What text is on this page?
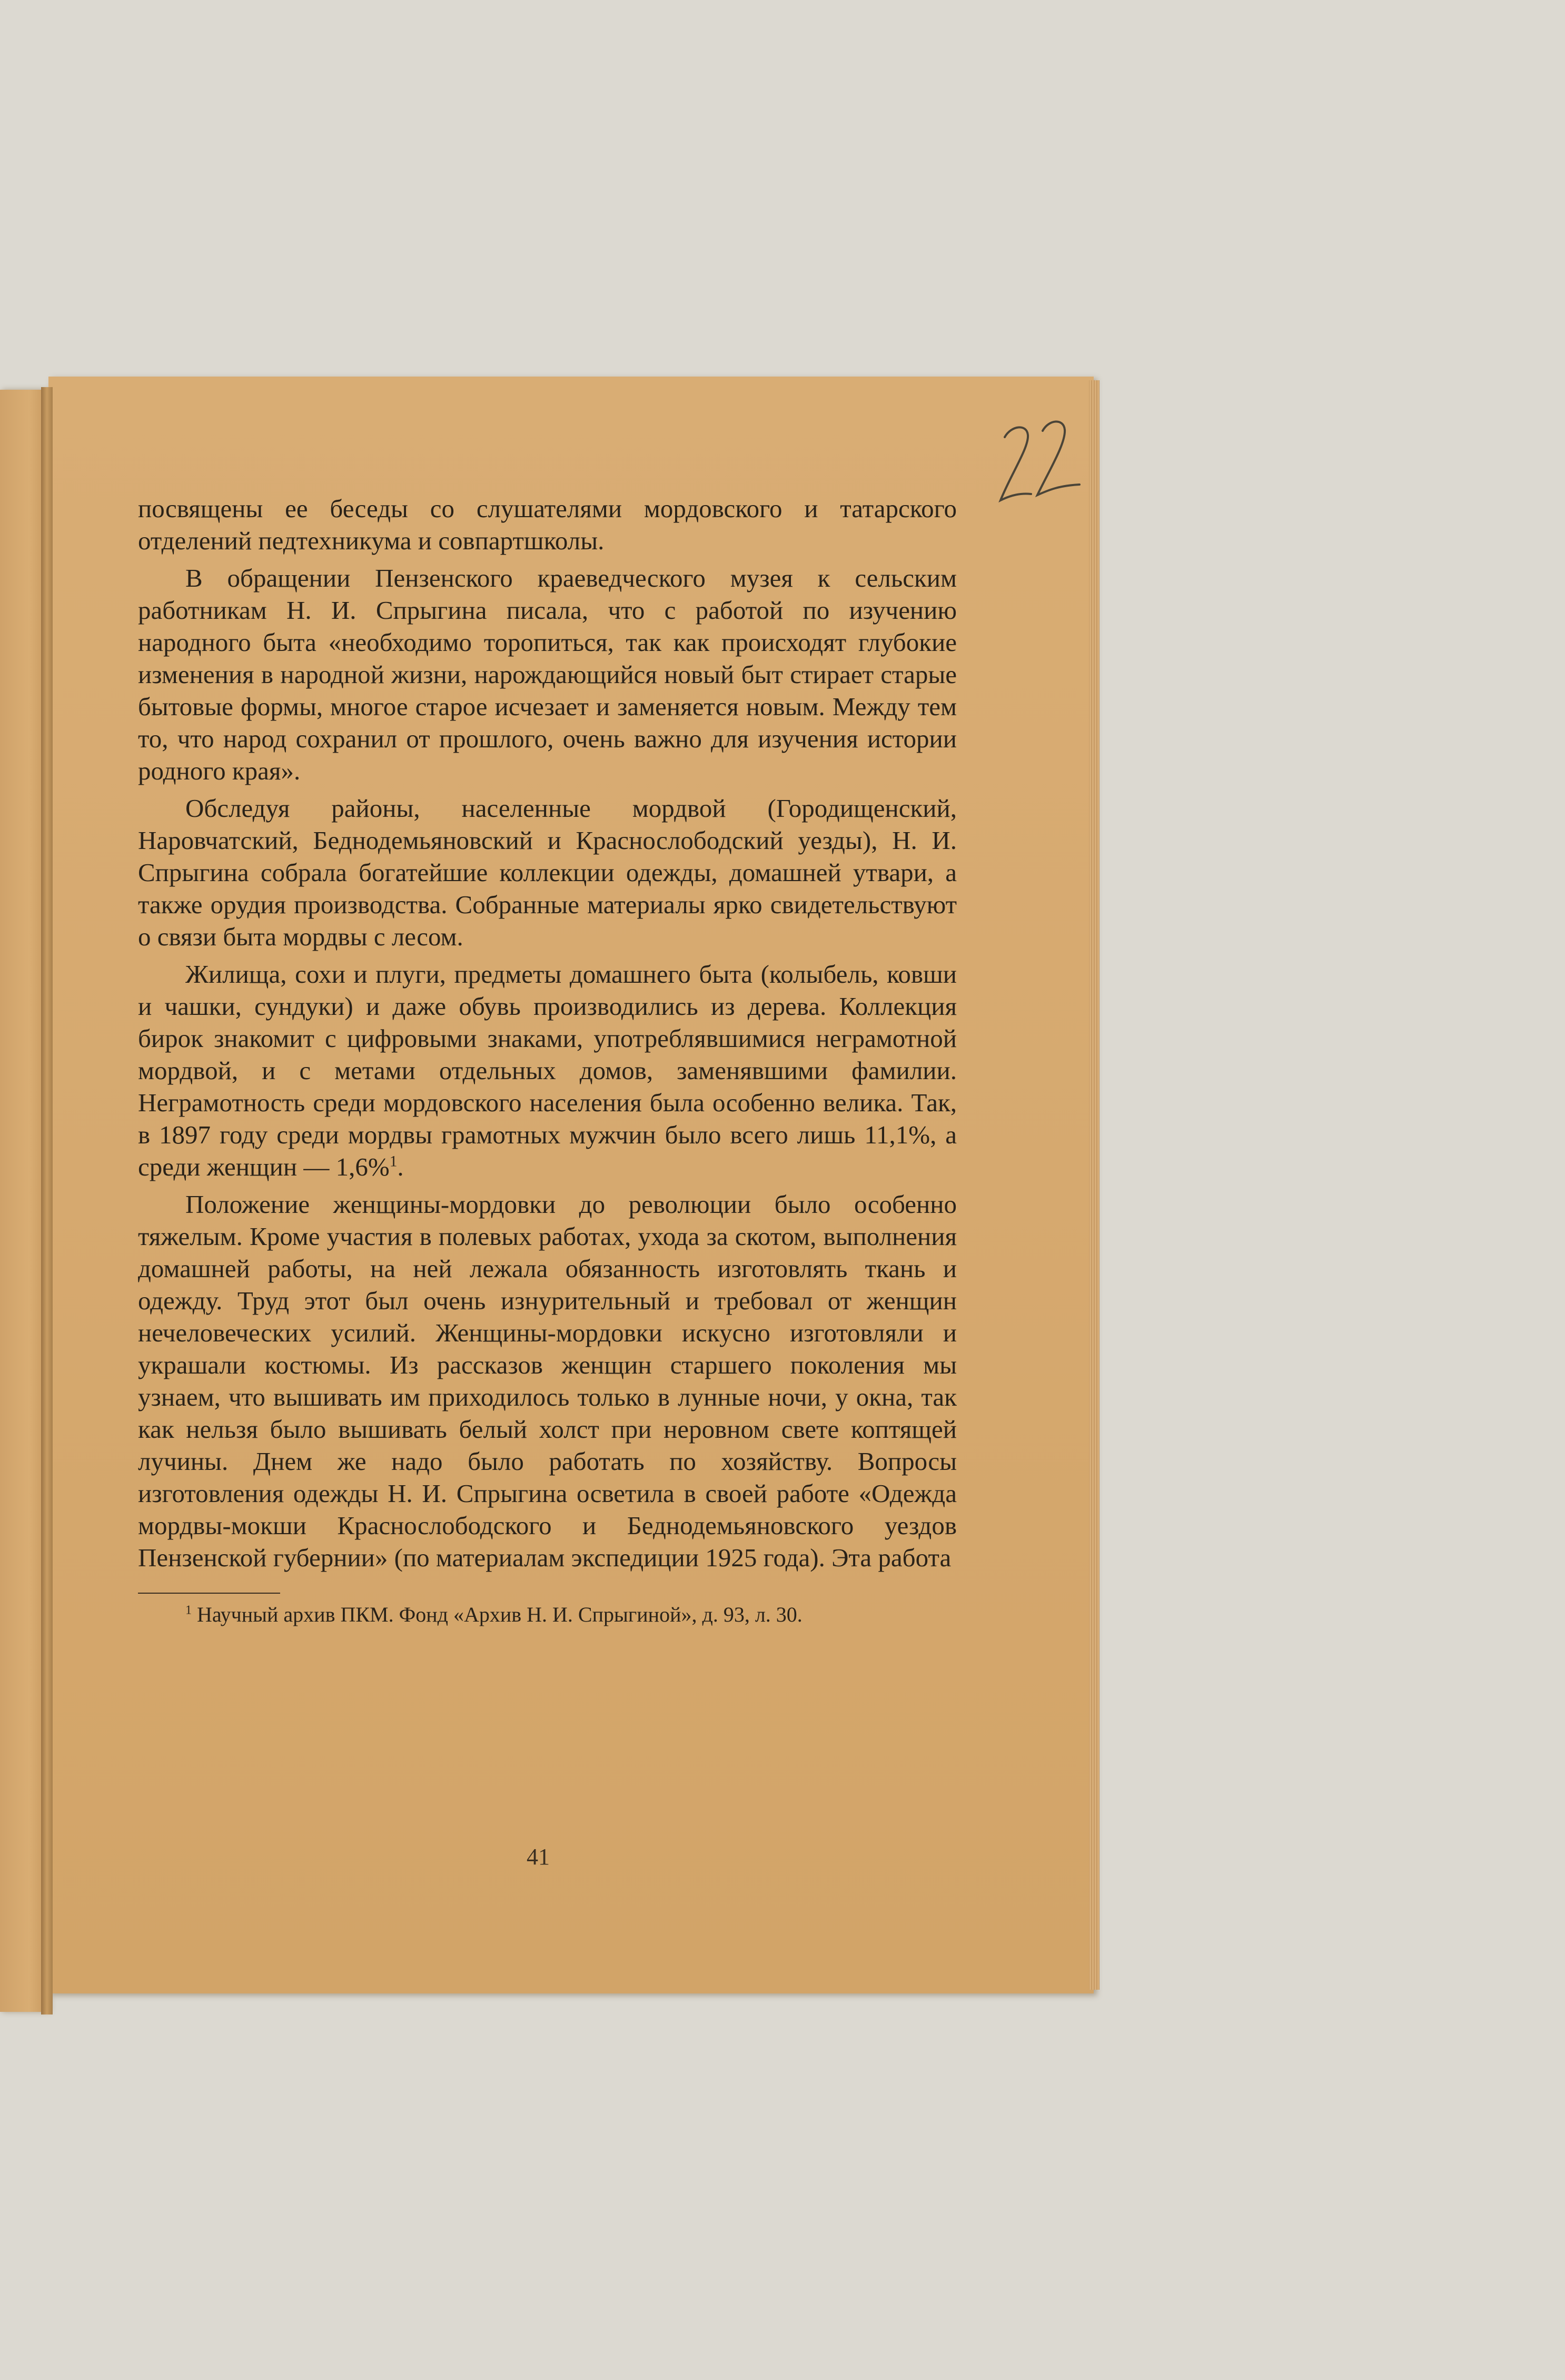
посвящены ее беседы со слушателями мордовского и татарского отделений педтехникума и совпартшколы.

В обращении Пензенского краеведческого музея к сельским работникам Н. И. Спрыгина писала, что с работой по изучению народного быта «необходимо торопиться, так как происходят глубокие изменения в народной жизни, нарождающийся новый быт стирает старые бытовые формы, многое старое исчезает и заменяется новым. Между тем то, что народ сохранил от прошлого, очень важно для изучения истории родного края».

Обследуя районы, населенные мордвой (Городищенский, Наровчатский, Беднодемьяновский и Краснослободский уезды), Н. И. Спрыгина собрала богатейшие коллекции одежды, домашней утвари, а также орудия производства. Собранные материалы ярко свидетельствуют о связи быта мордвы с лесом.

Жилища, сохи и плуги, предметы домашнего быта (колыбель, ковши и чашки, сундуки) и даже обувь производились из дерева. Коллекция бирок знакомит с цифровыми знаками, употреблявшимися неграмотной мордвой, и с метами отдельных домов, заменявшими фамилии. Неграмотность среди мордовского населения была особенно велика. Так, в 1897 году среди мордвы грамотных мужчин было всего лишь 11,1%, а среди женщин — 1,6%$^1$.

Положение женщины-мордовки до революции было особенно тяжелым. Кроме участия в полевых работах, ухода за скотом, выполнения домашней работы, на ней лежала обязанность изготовлять ткань и одежду. Труд этот был очень изнурительный и требовал от женщин нечеловеческих усилий. Женщины-мордовки искусно изготовляли и украшали костюмы. Из рассказов женщин старшего поколения мы узнаем, что вышивать им приходилось только в лунные ночи, у окна, так как нельзя было вышивать белый холст при неровном свете коптящей лучины. Днем же надо было работать по хозяйству. Вопросы изготовления одежды Н. И. Спрыгина осветила в своей работе «Одежда мордвы-мокши Краснослободского и Беднодемьяновского уездов Пензенской губернии» (по материалам экспедиции 1925 года). Эта работа

$^1$ Научный архив ПКМ. Фонд «Архив Н. И. Спрыгиной», д. 93, л. 30.
41
